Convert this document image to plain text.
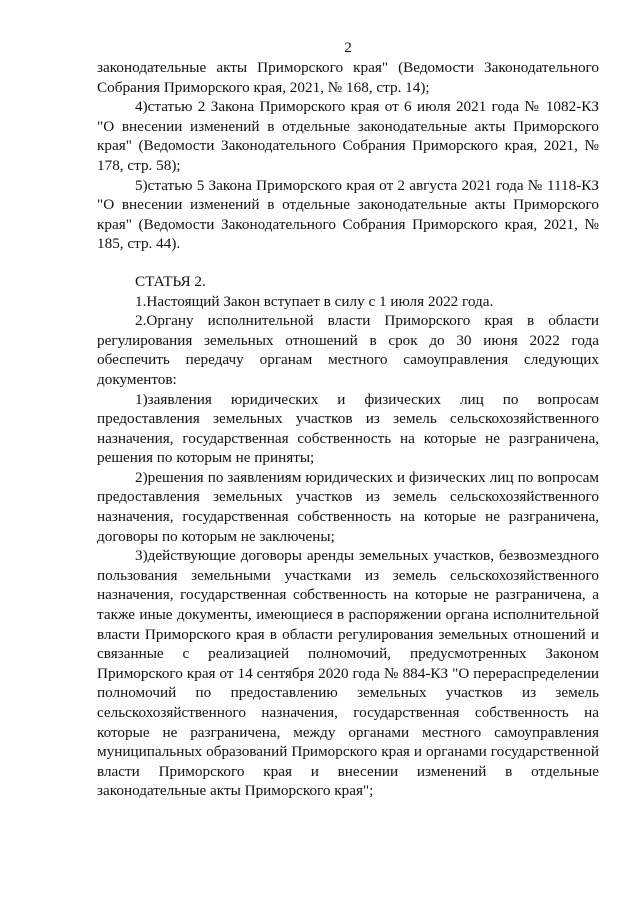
2

законодательные акты Приморского края" (Ведомости Законодательного Собрания Приморского края, 2021, № 168, стр. 14);

4)статью 2 Закона Приморского края от 6 июля 2021 года № 1082-КЗ "О внесении изменений в отдельные законодательные акты Приморского края" (Ведомости Законодательного Собрания Приморского края, 2021, № 178, стр. 58);

5)статью 5 Закона Приморского края от 2 августа 2021 года № 1118-КЗ "О внесении изменений в отдельные законодательные акты Приморского края" (Ведомости Законодательного Собрания Приморского края, 2021, № 185, стр. 44).

СТАТЬЯ 2.

1.Настоящий Закон вступает в силу с 1 июля 2022 года.

2.Органу исполнительной власти Приморского края в области регулирования земельных отношений в срок до 30 июня 2022 года обеспечить передачу органам местного самоуправления следующих документов:

1)заявления юридических и физических лиц по вопросам предоставления земельных участков из земель сельскохозяйственного назначения, государственная собственность на которые не разграничена, решения по которым не приняты;

2)решения по заявлениям юридических и физических лиц по вопросам предоставления земельных участков из земель сельскохозяйственного назначения, государственная собственность на которые не разграничена, договоры по которым не заключены;

3)действующие договоры аренды земельных участков, безвозмездного пользования земельными участками из земель сельскохозяйственного назначения, государственная собственность на которые не разграничена, а также иные документы, имеющиеся в распоряжении органа исполнительной власти Приморского края в области регулирования земельных отношений и связанные с реализацией полномочий, предусмотренных Законом Приморского края от 14 сентября 2020 года № 884-КЗ "О перераспределении полномочий по предоставлению земельных участков из земель сельскохозяйственного назначения, государственная собственность на которые не разграничена, между органами местного самоуправления муниципальных образований Приморского края и органами государственной власти Приморского края и внесении изменений в отдельные законодательные акты Приморского края";
